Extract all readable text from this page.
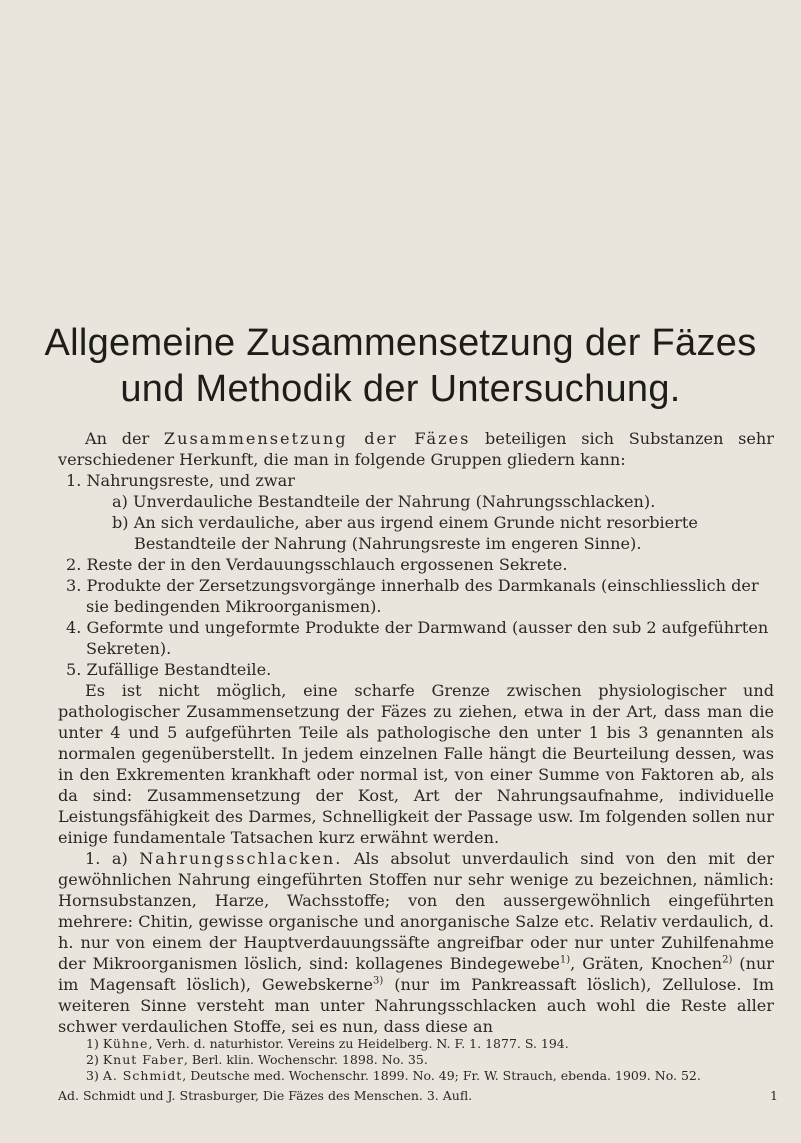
Allgemeine Zusammensetzung der Fäzes
und Methodik der Untersuchung.

An der Zusammensetzung der Fäzes beteiligen sich Substanzen sehr verschiedener Herkunft, die man in folgende Gruppen gliedern kann:

1. Nahrungsreste, und zwar

a) Unverdauliche Bestandteile der Nahrung (Nahrungsschlacken).

b) An sich verdauliche, aber aus irgend einem Grunde nicht resorbierte Bestandteile der Nahrung (Nahrungsreste im engeren Sinne).

2. Reste der in den Verdauungsschlauch ergossenen Sekrete.

3. Produkte der Zersetzungsvorgänge innerhalb des Darmkanals (einschliesslich der sie bedingenden Mikroorganismen).

4. Geformte und ungeformte Produkte der Darmwand (ausser den sub 2 aufgeführten Sekreten).

5. Zufällige Bestandteile.

Es ist nicht möglich, eine scharfe Grenze zwischen physiologischer und pathologischer Zusammensetzung der Fäzes zu ziehen, etwa in der Art, dass man die unter 4 und 5 aufgeführten Teile als pathologische den unter 1 bis 3 genannten als normalen gegenüberstellt. In jedem einzelnen Falle hängt die Beurteilung dessen, was in den Exkrementen krankhaft oder normal ist, von einer Summe von Faktoren ab, als da sind: Zusammensetzung der Kost, Art der Nahrungsaufnahme, individuelle Leistungsfähigkeit des Darmes, Schnelligkeit der Passage usw. Im folgenden sollen nur einige fundamentale Tatsachen kurz erwähnt werden.

1. a) Nahrungsschlacken. Als absolut unverdaulich sind von den mit der gewöhnlichen Nahrung eingeführten Stoffen nur sehr wenige zu bezeichnen, nämlich: Hornsubstanzen, Harze, Wachsstoffe; von den aussergewöhnlich eingeführten mehrere: Chitin, gewisse organische und anorganische Salze etc. Relativ verdaulich, d. h. nur von einem der Hauptverdauungssäfte angreifbar oder nur unter Zuhilfenahme der Mikroorganismen löslich, sind: kollagenes Bindegewebe$^{1)}$, Gräten, Knochen$^{2)}$ (nur im Magensaft löslich), Gewebskerne$^{3)}$ (nur im Pankreassaft löslich), Zellulose. Im weiteren Sinne versteht man unter Nahrungsschlacken auch wohl die Reste aller schwer verdaulichen Stoffe, sei es nun, dass diese an

1) Kühne, Verh. d. naturhistor. Vereins zu Heidelberg. N. F. 1. 1877. S. 194.

2) Knut Faber, Berl. klin. Wochenschr. 1898. No. 35.

3) A. Schmidt, Deutsche med. Wochenschr. 1899. No. 49; Fr. W. Strauch, ebenda. 1909. No. 52.

Ad. Schmidt und J. Strasburger, Die Fäzes des Menschen. 3. Aufl.	1
